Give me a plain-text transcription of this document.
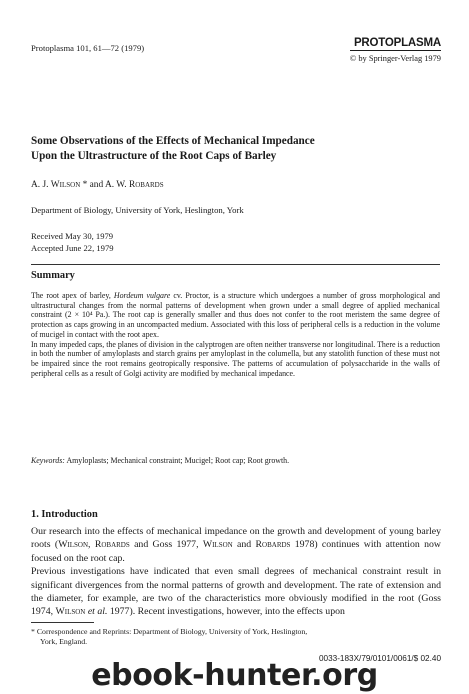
Protoplasma 101, 61—72 (1979)	PROTOPLASMA
© by Springer-Verlag 1979
Some Observations of the Effects of Mechanical Impedance
Upon the Ultrastructure of the Root Caps of Barley
A. J. Wilson * and A. W. Robards
Department of Biology, University of York, Heslington, York
Received May 30, 1979
Accepted June 22, 1979
Summary

The root apex of barley, Hordeum vulgare cv. Proctor, is a structure which undergoes a number of gross morphological and ultrastructural changes from the normal patterns of development when grown under a small degree of applied mechanical constraint (2 × 10⁴ Pa.). The root cap is generally smaller and thus does not confer to the root meristem the same degree of protection as caps growing in an uncompacted medium. Associated with this loss of peripheral cells is a reduction in the volume of mucigel in contact with the root apex.

In many impeded caps, the planes of division in the calyptrogen are often neither transverse nor longitudinal. There is a reduction in both the number of amyloplasts and starch grains per amyloplast in the columella, but any statolith function of these must not be impaired since the root remains geotropically responsive. The patterns of accumulation of polysaccharide in the walls of peripheral cells as a result of Golgi activity are modified by mechanical impedance.

Keywords: Amyloplasts; Mechanical constraint; Mucigel; Root cap; Root growth.
1. Introduction

Our research into the effects of mechanical impedance on the growth and development of young barley roots (Wilson, Robards and Goss 1977, Wilson and Robards 1978) continues with attention now focused on the root cap.

Previous investigations have indicated that even small degrees of mechanical constraint result in significant divergences from the normal patterns of growth and development. The rate of extension and the diameter, for example, are two of the characteristics more obviously modified in the root (Goss 1974, Wilson et al. 1977). Recent investigations, however, into the effects upon

* Correspondence and Reprints: Department of Biology, University of York, Heslington,
York, England.
0033-183X/79/0101/0061/$ 02.40
ebook-hunter.org
